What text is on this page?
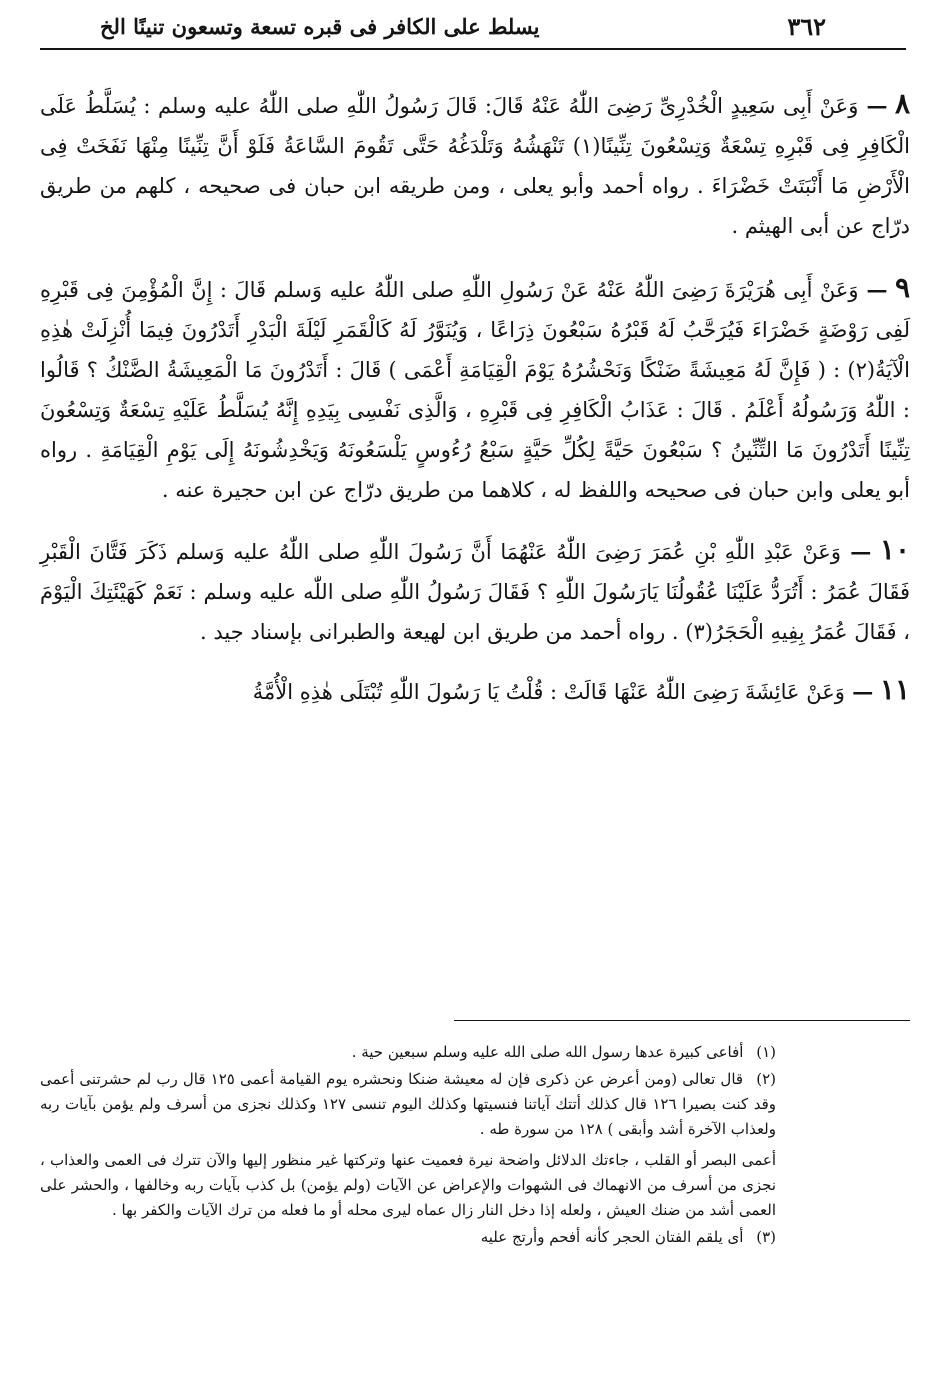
٣٦٢
يسلط على الكافر فى قبره تسعة وتسعون تنينًا الخ

٨ — وَعَنْ أَبِى سَعِيدٍ الْخُدْرِىِّ رَضِىَ اللّٰهُ عَنْهُ قَالَ: قَالَ رَسُولُ اللّٰهِ صلى اللّٰهُ عليه وسلم : يُسَلَّطُ عَلَى الْكَافِرِ فِى قَبْرِهِ تِسْعَةٌ وَتِسْعُونَ تِنِّينًا(١) تَنْهَشُهُ وَتَلْدَغُهُ حَتَّى تَقُومَ السَّاعَةُ فَلَوْ أَنَّ تِنِّينًا مِنْهَا نَفَخَتْ فِى الْأَرْضِ مَا أَنْبَتَتْ خَضْرَاءَ . رواه أحمد وأبو يعلى ، ومن طريقه ابن حبان فى صحيحه ، كلهم من طريق درّاج عن أبى الهيثم .

٩ — وَعَنْ أَبِى هُرَيْرَةَ رَضِىَ اللّٰهُ عَنْهُ عَنْ رَسُولِ اللّٰهِ صلى اللّٰهُ عليه وَسلم قَالَ : إِنَّ الْمُؤْمِنَ فِى قَبْرِهِ لَفِى رَوْضَةٍ خَضْرَاءَ فَيُرَحَّبُ لَهُ قَبْرُهُ سَبْعُونَ ذِرَاعًا ، وَيُنَوَّرُ لَهُ كَالْقَمَرِ لَيْلَةَ الْبَدْرِ أَتَدْرُونَ فِيمَا أُنْزِلَتْ هٰذِهِ الْآيَةُ(٢) : ( فَإِنَّ لَهُ مَعِيشَةً ضَنْكًا وَنَحْشُرُهُ يَوْمَ الْقِيَامَةِ أَعْمَى ) قَالَ : أَتَدْرُونَ مَا الْمَعِيشَةُ الضَّنْكُ ؟ قَالُوا : اللّٰهُ وَرَسُولُهُ أَعْلَمُ . قَالَ : عَذَابُ الْكَافِرِ فِى قَبْرِهِ ، وَالَّذِى نَفْسِى بِيَدِهِ إِنَّهُ يُسَلَّطُ عَلَيْهِ تِسْعَةٌ وَتِسْعُونَ تِنِّينًا أَتَدْرُونَ مَا التِّنِّينُ ؟ سَبْعُونَ حَيَّةً لِكُلِّ حَيَّةٍ سَبْعُ رُءُوسٍ يَلْسَعُونَهُ وَيَخْدِشُونَهُ إِلَى يَوْمِ الْقِيَامَةِ . رواه أبو يعلى وابن حبان فى صحيحه واللفظ له ، كلاهما من طريق درّاج عن ابن حجيرة عنه .

١٠ — وَعَنْ عَبْدِ اللّٰهِ بْنِ عُمَرَ رَضِىَ اللّٰهُ عَنْهُمَا أَنَّ رَسُولَ اللّٰهِ صلى اللّٰهُ عليه وَسلم ذَكَرَ فَتَّانَ الْقَبْرِ فَقَالَ عُمَرُ : أَتُرَدُّ عَلَيْنَا عُقُولُنَا يَارَسُولَ اللّٰهِ ؟ فَقَالَ رَسُولُ اللّٰهِ صلى اللّٰه عليه وسلم : نَعَمْ كَهَيْئَتِكَ الْيَوْمَ ، فَقَالَ عُمَرُ بِفِيهِ الْحَجَرُ(٣) . رواه أحمد من طريق ابن لهيعة والطبرانى بإسناد جيد .

١١ — وَعَنْ عَائِشَةَ رَضِىَ اللّٰهُ عَنْهَا قَالَتْ : قُلْتُ يَا رَسُولَ اللّٰهِ تُبْتَلَى هٰذِهِ الْأُمَّةُ

(١) أفاعى كبيرة عدها رسول الله صلى الله عليه وسلم سبعين حية .

(٢) قال تعالى (ومن أعرض عن ذكرى فإن له معيشة ضنكا ونحشره يوم القيامة أعمى ١٢٥ قال رب لم حشرتنى أعمى وقد كنت بصيرا ١٢٦ قال كذلك أتتك آياتنا فنسيتها وكذلك اليوم تنسى ١٢٧ وكذلك نجزى من أسرف ولم يؤمن بآيات ربه ولعذاب الآخرة أشد وأبقى ) ١٢٨ من سورة طه .

أعمى البصر أو القلب ، جاءتك الدلائل واضحة نيرة فعميت عنها وتركتها غير منظور إليها والآن تترك فى العمى والعذاب ، نجزى من أسرف من الانهماك فى الشهوات والإعراض عن الآيات (ولم يؤمن) بل كذب بآيات ربه وخالفها ، والحشر على العمى أشد من ضنك العيش ، ولعله إذا دخل النار زال عماه ليرى محله أو ما فعله من ترك الآيات والكفر بها .

(٣) أى يلقم الفتان الحجر كأنه أفحم وأرتج عليه
